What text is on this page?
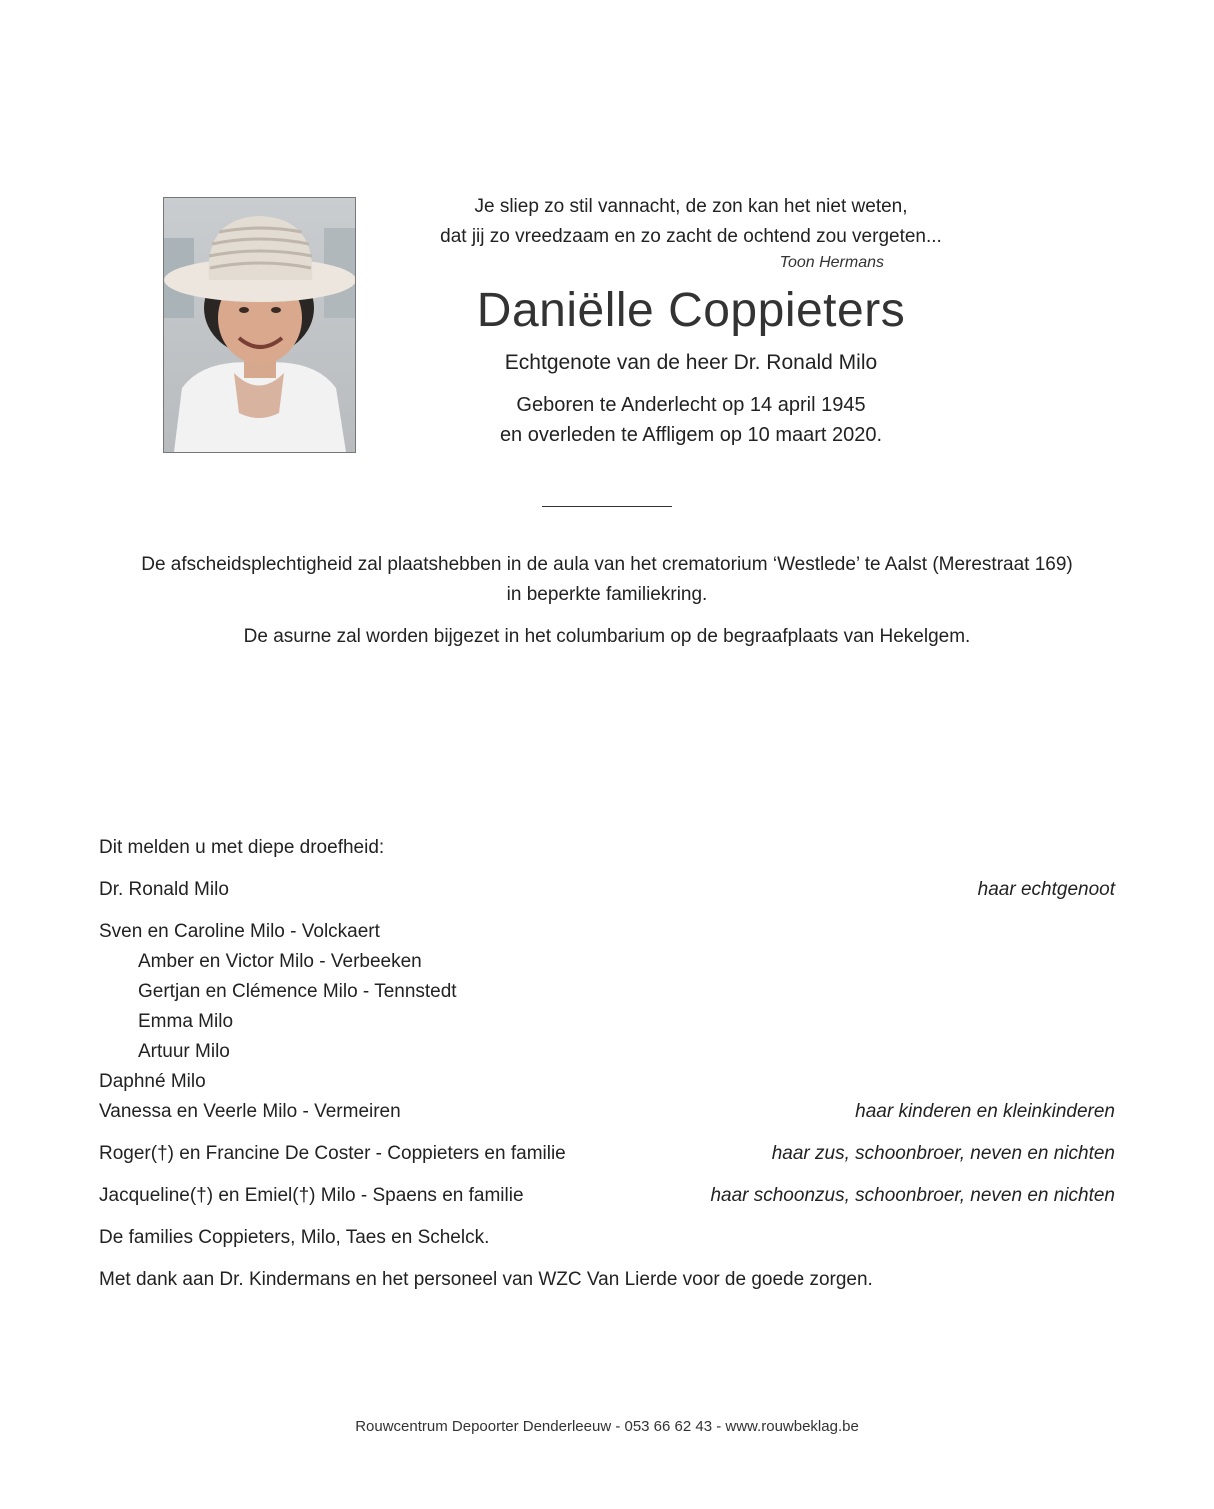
Je sliep zo stil vannacht, de zon kan het niet weten,
dat jij zo vreedzaam en zo zacht de ochtend zou vergeten...
Toon Hermans
Daniëlle Coppieters
Echtgenote van de heer Dr. Ronald Milo
Geboren te Anderlecht op 14 april 1945
en overleden te Affligem op 10 maart 2020.

De afscheidsplechtigheid zal plaatshebben in de aula van het crematorium ‘Westlede’ te Aalst (Merestraat 169)

in beperkte familiekring.

De asurne zal worden bijgezet in het columbarium op de begraafplaats van Hekelgem.

Dit melden u met diepe droefheid:
Dr. Ronald Milo	haar echtgenoot
Sven en Caroline Milo - Volckaert
Amber en Victor Milo - Verbeeken
Gertjan en Clémence Milo - Tennstedt
Emma Milo
Artuur Milo
Daphné Milo
Vanessa en Veerle Milo - Vermeiren	haar kinderen en kleinkinderen
Roger(†) en Francine De Coster - Coppieters en familie	haar zus, schoonbroer, neven en nichten
Jacqueline(†) en Emiel(†) Milo - Spaens en familie	haar schoonzus, schoonbroer, neven en nichten
De families Coppieters, Milo, Taes en Schelck.
Met dank aan Dr. Kindermans en het personeel van WZC Van Lierde voor de goede zorgen.
Rouwcentrum Depoorter Denderleeuw - 053 66 62 43 - www.rouwbeklag.be
